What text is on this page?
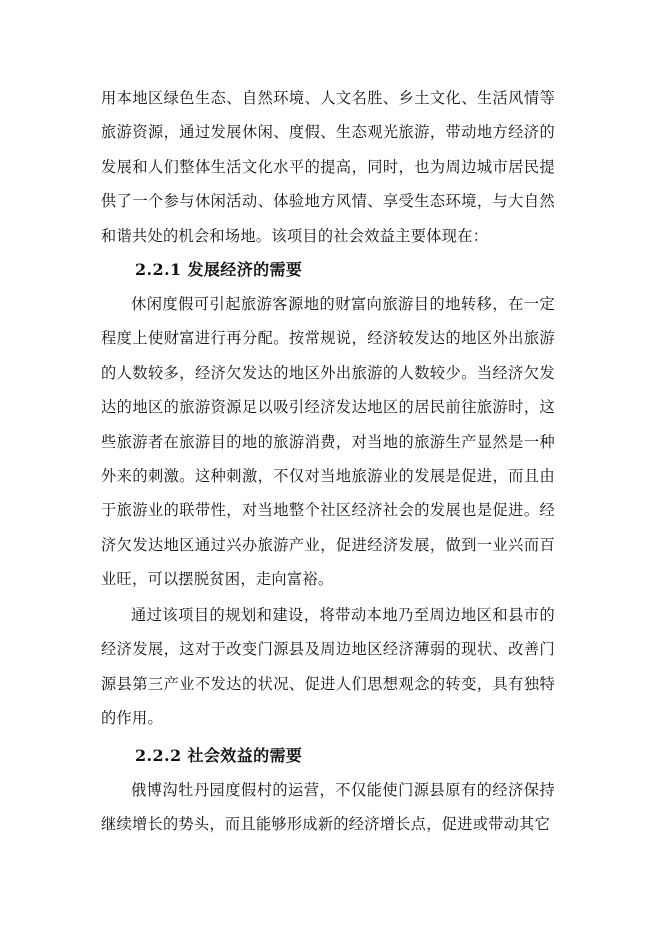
用本地区绿色生态、自然环境、人文名胜、乡土文化、生活风情等旅游资源，通过发展休闲、度假、生态观光旅游，带动地方经济的发展和人们整体生活文化水平的提高，同时，也为周边城市居民提供了一个参与休闲活动、体验地方风情、享受生态环境，与大自然和谐共处的机会和场地。该项目的社会效益主要体现在：
2.2.1 发展经济的需要
休闲度假可引起旅游客源地的财富向旅游目的地转移，在一定程度上使财富进行再分配。按常规说，经济较发达的地区外出旅游的人数较多，经济欠发达的地区外出旅游的人数较少。当经济欠发达的地区的旅游资源足以吸引经济发达地区的居民前往旅游时，这些旅游者在旅游目的地的旅游消费，对当地的旅游生产显然是一种外来的刺激。这种刺激，不仅对当地旅游业的发展是促进，而且由于旅游业的联带性，对当地整个社区经济社会的发展也是促进。经济欠发达地区通过兴办旅游产业，促进经济发展，做到一业兴而百业旺，可以摆脱贫困，走向富裕。
通过该项目的规划和建设，将带动本地乃至周边地区和县市的经济发展，这对于改变门源县及周边地区经济薄弱的现状、改善门源县第三产业不发达的状况、促进人们思想观念的转变，具有独特的作用。
2.2.2 社会效益的需要
俄博沟牡丹园度假村的运营，不仅能使门源县原有的经济保持继续增长的势头，而且能够形成新的经济增长点，促进或带动其它
